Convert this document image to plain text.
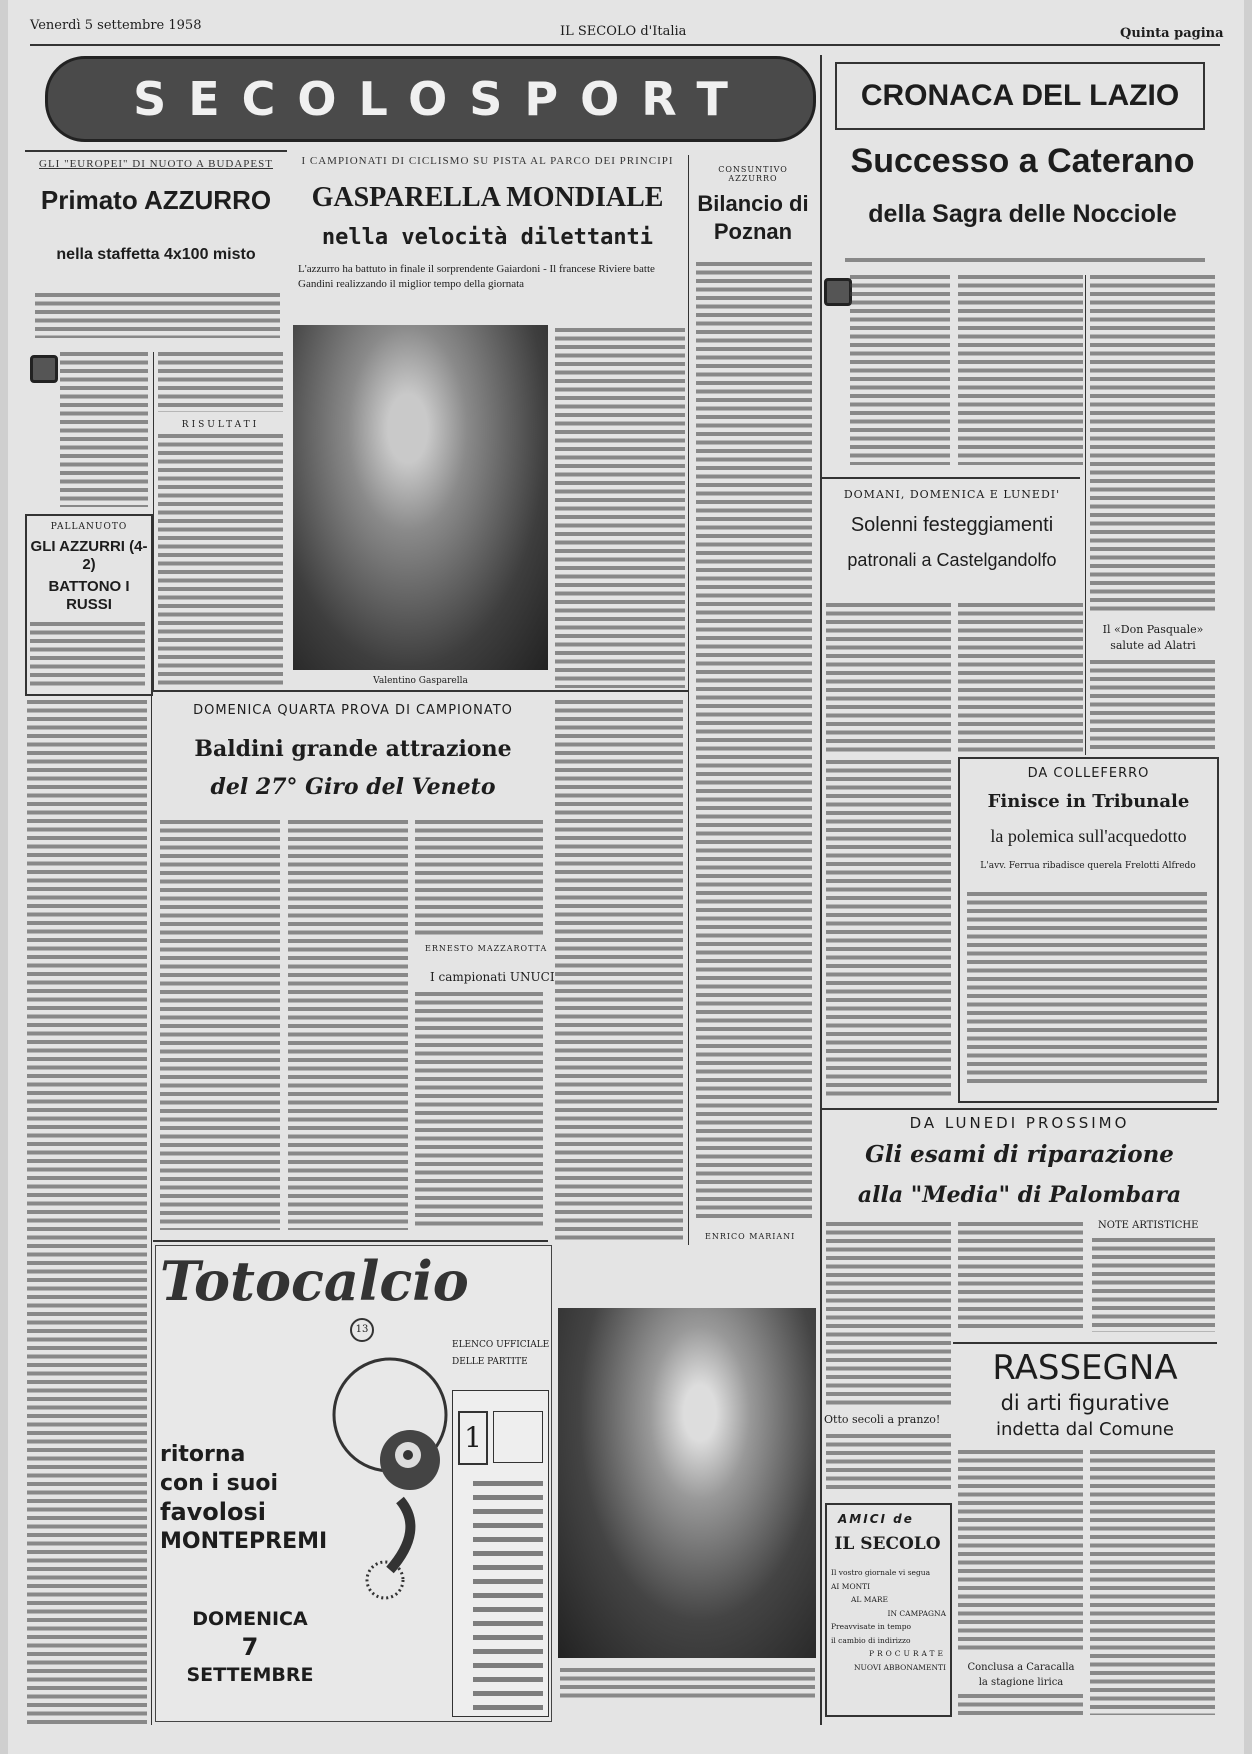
Venerdì 5 settembre 1958	IL SECOLO d'Italia	Quinta pagina
SECOLOSPORT	CRONACA DEL LAZIO
GLI "EUROPEI" DI NUOTO A BUDAPEST
Primato AZZURRO
nella staffetta 4x100 misto
RISULTATI
PALLANUOTO
GLI AZZURRI (4-2)
BATTONO I RUSSI
I CAMPIONATI DI CICLISMO SU PISTA AL PARCO DEI PRINCIPI
GASPARELLA MONDIALE
nella velocità dilettanti
L'azzurro ha battuto in finale il sorprendente Gaiardoni - Il francese Riviere batte Gandini realizzando il miglior tempo della giornata
Valentino Gasparella
CONSUNTIVO AZZURRO
Bilancio di Poznan
ENRICO MARIANI
DOMENICA QUARTA PROVA DI CAMPIONATO
Baldini grande attrazione
del 27° Giro del Veneto
ERNESTO MAZZAROTTA
I campionati UNUCI
Totocalcio
13
ritorna
con i suoi
favolosi
MONTEPREMI
DOMENICA
7
SETTEMBRE
ELENCO UFFICIALE
DELLE PARTITE
1
Successo a Caterano
della Sagra delle Nocciole
DOMANI, DOMENICA E LUNEDI'
Solenni festeggiamenti
patronali a Castelgandolfo
Il «Don Pasquale»
salute ad Alatri
DA COLLEFERRO
Finisce in Tribunale
la polemica sull'acquedotto
L'avv. Ferrua ribadisce querela Frelotti Alfredo
DA LUNEDI PROSSIMO
Gli esami di riparazione
alla "Media" di Palombara
NOTE ARTISTICHE
Otto secoli a pranzo!
RASSEGNA
di arti figurative
indetta dal Comune
Conclusa a Caracalla
la stagione lirica
AMICI de
IL SECOLO
Il vostro giornale vi segua
AI MONTI
AL MARE
IN CAMPAGNA
Preavvisate in tempo
il cambio di indirizzo
PROCURATE
NUOVI ABBONAMENTI
